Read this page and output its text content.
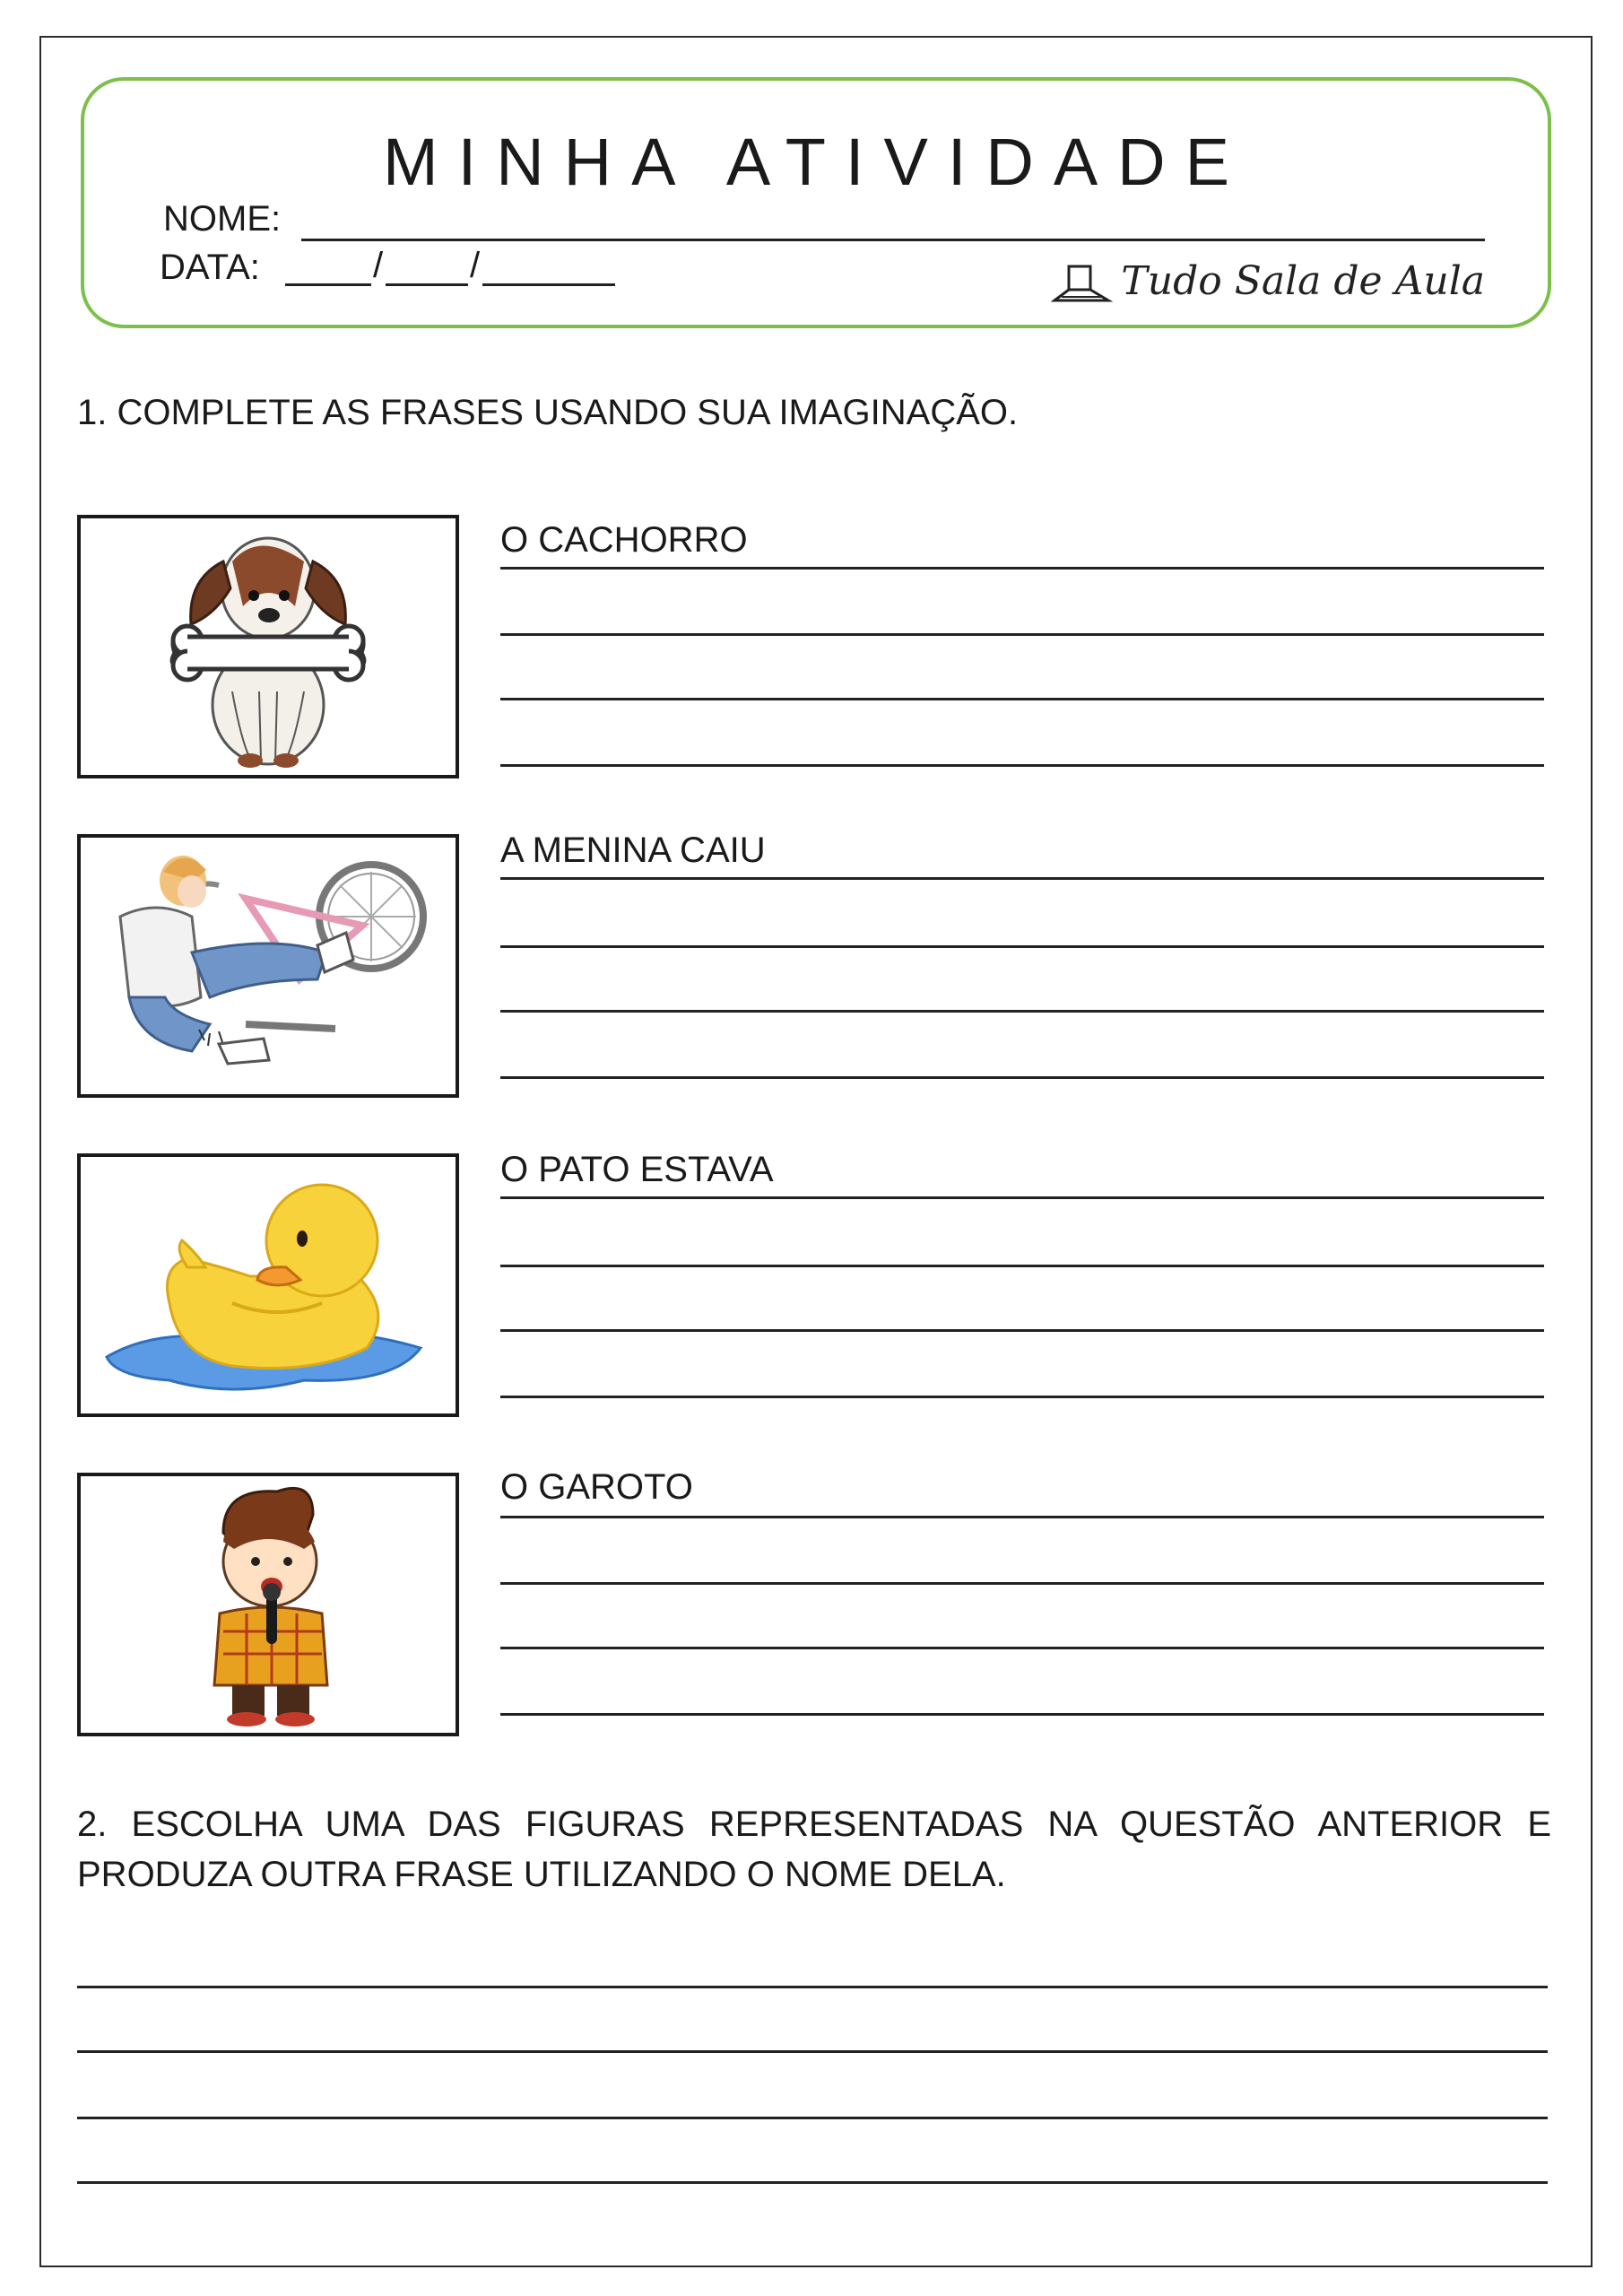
MINHA ATIVIDADE
NOME:
DATA:	/ /	Tudo Sala de Aula
1. COMPLETE AS FRASES USANDO SUA IMAGINAÇÃO.
O CACHORRO
A MENINA CAIU
O PATO ESTAVA
O GAROTO
2. ESCOLHA UMA DAS FIGURAS REPRESENTADAS NA QUESTÃO ANTERIOR E PRODUZA OUTRA FRASE UTILIZANDO O NOME DELA.
